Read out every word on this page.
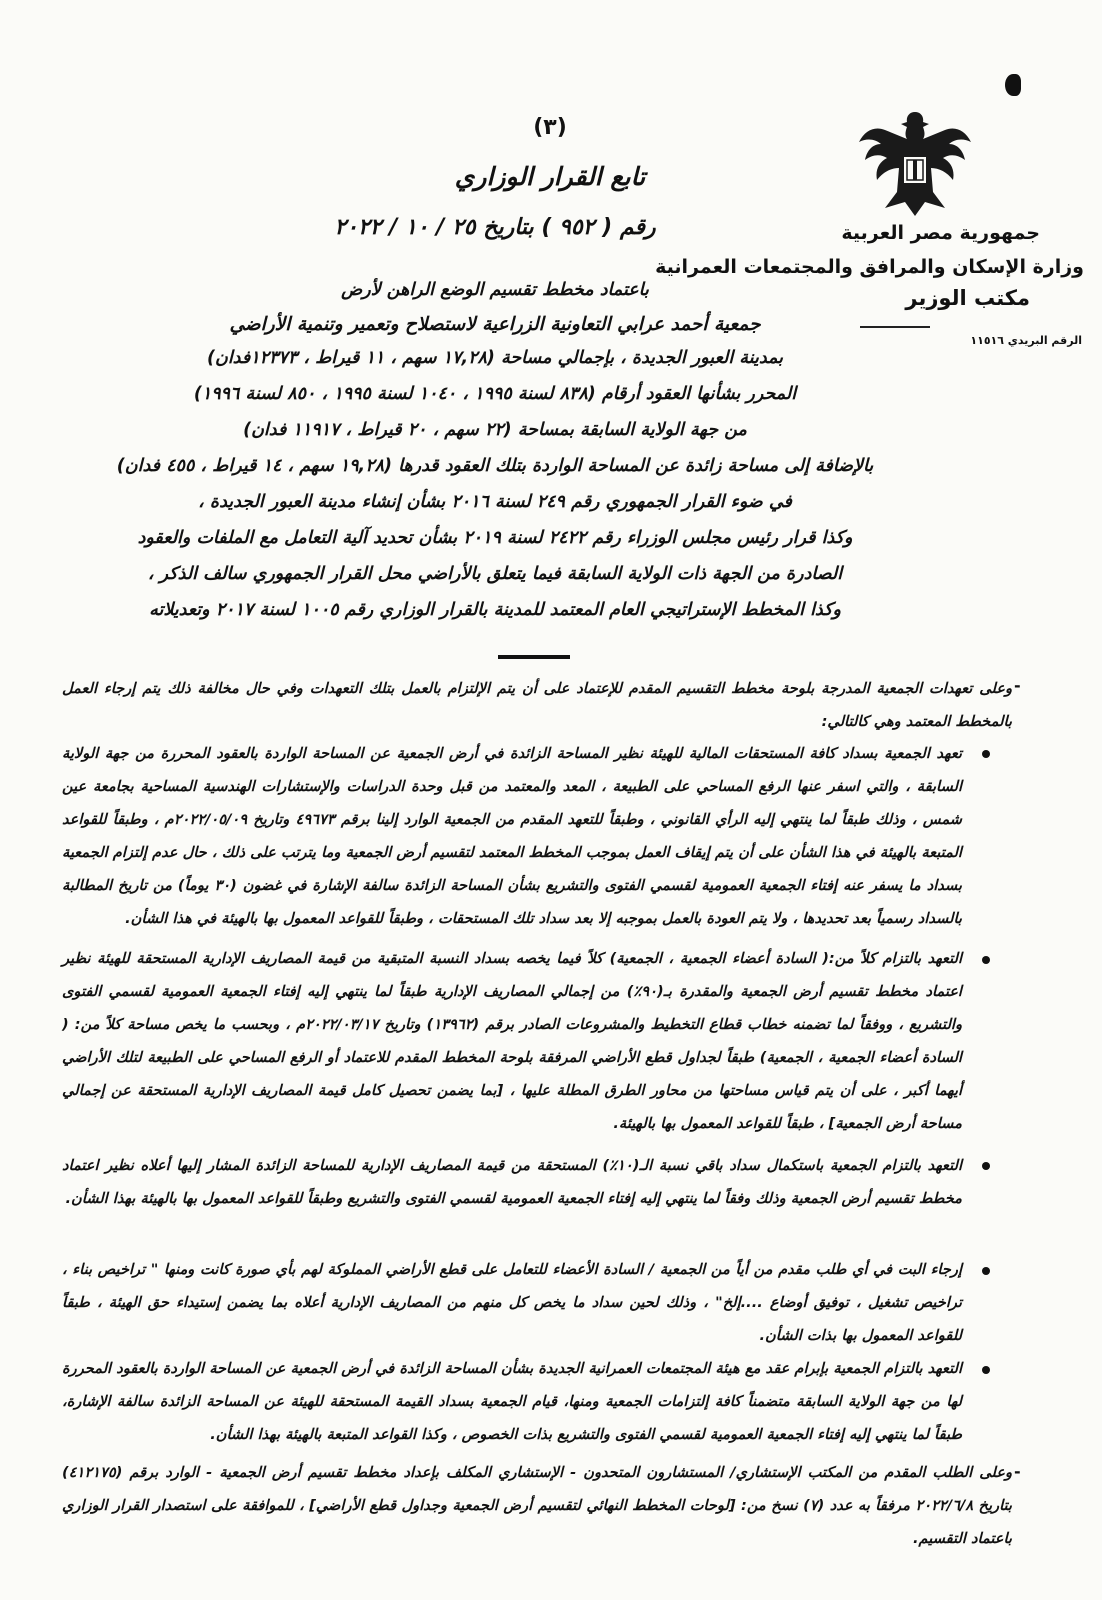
(٣)
تابع القرار الوزاري
رقم ( ٩٥٢ ) بتاريخ ٢٥ / ١٠ / ٢٠٢٢	جمهورية مصر العربية
وزارة الإسكان والمرافق والمجتمعات العمرانية
مكتب الوزير
الرقم البريدي ١١٥١٦
باعتماد مخطط تقسيم الوضع الراهن لأرض
جمعية أحمد عرابي التعاونية الزراعية لاستصلاح وتعمير وتنمية الأراضي
بمدينة العبور الجديدة ، بإجمالي مساحة (١٧,٢٨ سهم ، ١١ قيراط ، ١٢٣٧٣فدان)
المحرر بشأنها العقود أرقام (٨٣٨ لسنة ١٩٩٥ ، ١٠٤٠ لسنة ١٩٩٥ ، ٨٥٠ لسنة ١٩٩٦)
من جهة الولاية السابقة بمساحة (٢٢ سهم ، ٢٠ قيراط ، ١١٩١٧ فدان)
بالإضافة إلى مساحة زائدة عن المساحة الواردة بتلك العقود قدرها (١٩,٢٨ سهم ، ١٤ قيراط ، ٤٥٥ فدان)
في ضوء القرار الجمهوري رقم ٢٤٩ لسنة ٢٠١٦ بشأن إنشاء مدينة العبور الجديدة ،
وكذا قرار رئيس مجلس الوزراء رقم ٢٤٢٢ لسنة ٢٠١٩ بشأن تحديد آلية التعامل مع الملفات والعقود
الصادرة من الجهة ذات الولاية السابقة فيما يتعلق بالأراضي محل القرار الجمهوري سالف الذكر ،
وكذا المخطط الإستراتيجي العام المعتمد للمدينة بالقرار الوزاري رقم ١٠٠٥ لسنة ٢٠١٧ وتعديلاته
-
وعلى تعهدات الجمعية المدرجة بلوحة مخطط التقسيم المقدم للإعتماد على أن يتم الإلتزام بالعمل بتلك التعهدات وفي حال مخالفة ذلك يتم إرجاء العمل بالمخطط المعتمد وهي كالتالي:
تعهد الجمعية بسداد كافة المستحقات المالية للهيئة نظير المساحة الزائدة في أرض الجمعية عن المساحة الواردة بالعقود المحررة من جهة الولاية السابقة ، والتي اسفر عنها الرفع المساحي على الطبيعة ، المعد والمعتمد من قبل وحدة الدراسات والإستشارات الهندسية المساحية بجامعة عين شمس ، وذلك طبقاً لما ينتهي إليه الرأي القانوني ، وطبقاً للتعهد المقدم من الجمعية الوارد إلينا برقم ٤٩٦٧٣ وتاريخ ٢٠٢٢/٠٥/٠٩م ، وطبقاً للقواعد المتبعة بالهيئة في هذا الشأن على أن يتم إيقاف العمل بموجب المخطط المعتمد لتقسيم أرض الجمعية وما يترتب على ذلك ، حال عدم إلتزام الجمعية بسداد ما يسفر عنه إفتاء الجمعية العمومية لقسمي الفتوى والتشريع بشأن المساحة الزائدة سالفة الإشارة في غضون (٣٠ يوماً) من تاريخ المطالبة بالسداد رسمياً بعد تحديدها ، ولا يتم العودة بالعمل بموجبه إلا بعد سداد تلك المستحقات ، وطبقاً للقواعد المعمول بها بالهيئة في هذا الشأن.
التعهد بالتزام كلاً من:( السادة أعضاء الجمعية ، الجمعية) كلاً فيما يخصه بسداد النسبة المتبقية من قيمة المصاريف الإدارية المستحقة للهيئة نظير اعتماد مخطط تقسيم أرض الجمعية والمقدرة بـ(٩٠٪) من إجمالي المصاريف الإدارية طبقاً لما ينتهي إليه إفتاء الجمعية العمومية لقسمي الفتوى والتشريع ، ووفقاً لما تضمنه خطاب قطاع التخطيط والمشروعات الصادر برقم (١٣٩٦٢) وتاريخ ٢٠٢٢/٠٣/١٧م ، وبحسب ما يخص مساحة كلاً من: ( السادة أعضاء الجمعية ، الجمعية) طبقاً لجداول قطع الأراضي المرفقة بلوحة المخطط المقدم للاعتماد أو الرفع المساحي على الطبيعة لتلك الأراضي أيهما أكبر ، على أن يتم قياس مساحتها من محاور الطرق المطلة عليها ، [بما يضمن تحصيل كامل قيمة المصاريف الإدارية المستحقة عن إجمالي مساحة أرض الجمعية] ، طبقاً للقواعد المعمول بها بالهيئة.
التعهد بالتزام الجمعية باستكمال سداد باقي نسبة الـ(١٠٪) المستحقة من قيمة المصاريف الإدارية للمساحة الزائدة المشار إليها أعلاه نظير اعتماد مخطط تقسيم أرض الجمعية وذلك وفقاً لما ينتهي إليه إفتاء الجمعية العمومية لقسمي الفتوى والتشريع وطبقاً للقواعد المعمول بها بالهيئة بهذا الشأن.
إرجاء البت في أي طلب مقدم من أياً من الجمعية / السادة الأعضاء للتعامل على قطع الأراضي المملوكة لهم بأي صورة كانت ومنها " تراخيص بناء ، تراخيص تشغيل ، توفيق أوضاع ....إلخ" ، وذلك لحين سداد ما يخص كل منهم من المصاريف الإدارية أعلاه بما يضمن إستيداء حق الهيئة ، طبقاً للقواعد المعمول بها بذات الشأن.
التعهد بالتزام الجمعية بإبرام عقد مع هيئة المجتمعات العمرانية الجديدة بشأن المساحة الزائدة في أرض الجمعية عن المساحة الواردة بالعقود المحررة لها من جهة الولاية السابقة متضمناً كافة إلتزامات الجمعية ومنها، قيام الجمعية بسداد القيمة المستحقة للهيئة عن المساحة الزائدة سالفة الإشارة، طبقاً لما ينتهي إليه إفتاء الجمعية العمومية لقسمي الفتوى والتشريع بذات الخصوص ، وكذا القواعد المتبعة بالهيئة بهذا الشأن.
-
وعلى الطلب المقدم من المكتب الإستشاري/ المستشارون المتحدون - الإستشاري المكلف بإعداد مخطط تقسيم أرض الجمعية - الوارد برقم (٤١٢١٧٥) بتاريخ ٢٠٢٢/٦/٨ مرفقاً به عدد (٧) نسخ من: [لوحات المخطط النهائي لتقسيم أرض الجمعية وجداول قطع الأراضي] ، للموافقة على استصدار القرار الوزاري باعتماد التقسيم.
